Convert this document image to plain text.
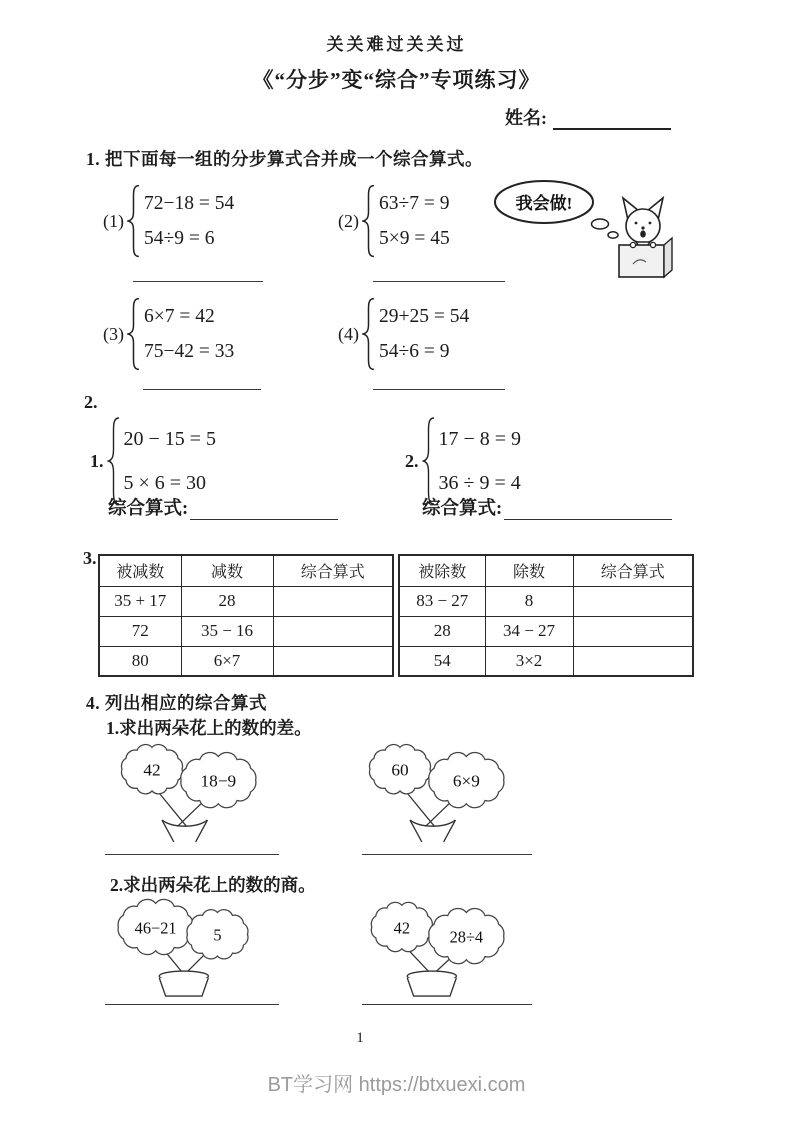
关关难过关关过
《“分步”变“综合”专项练习》
姓名:
1. 把下面每一组的分步算式合并成一个综合算式。
(1)
72−18 = 54
54÷9 = 6
(2)
63÷7 = 9
5×9 = 45
我会做!
(3)
6×7 = 42
75−42 = 33
(4)
29+25 = 54
54÷6 = 9
2.
1.
20 − 15 = 5
5 × 6 = 30
2.
17 − 8 = 9
36 ÷ 9 = 4
综合算式:	综合算式:
3.
被减数	减数	综合算式
35 + 17	28	
72	35 − 16	
80	6×7	
被除数	除数	综合算式
83 − 27	8	
28	34 − 27	
54	3×2	
4. 列出相应的综合算式
1.求出两朵花上的数的差。
42
18−9
60
6×9
2.求出两朵花上的数的商。
46−21 5	42 28÷4
1
BT学习网 https://btxuexi.com
